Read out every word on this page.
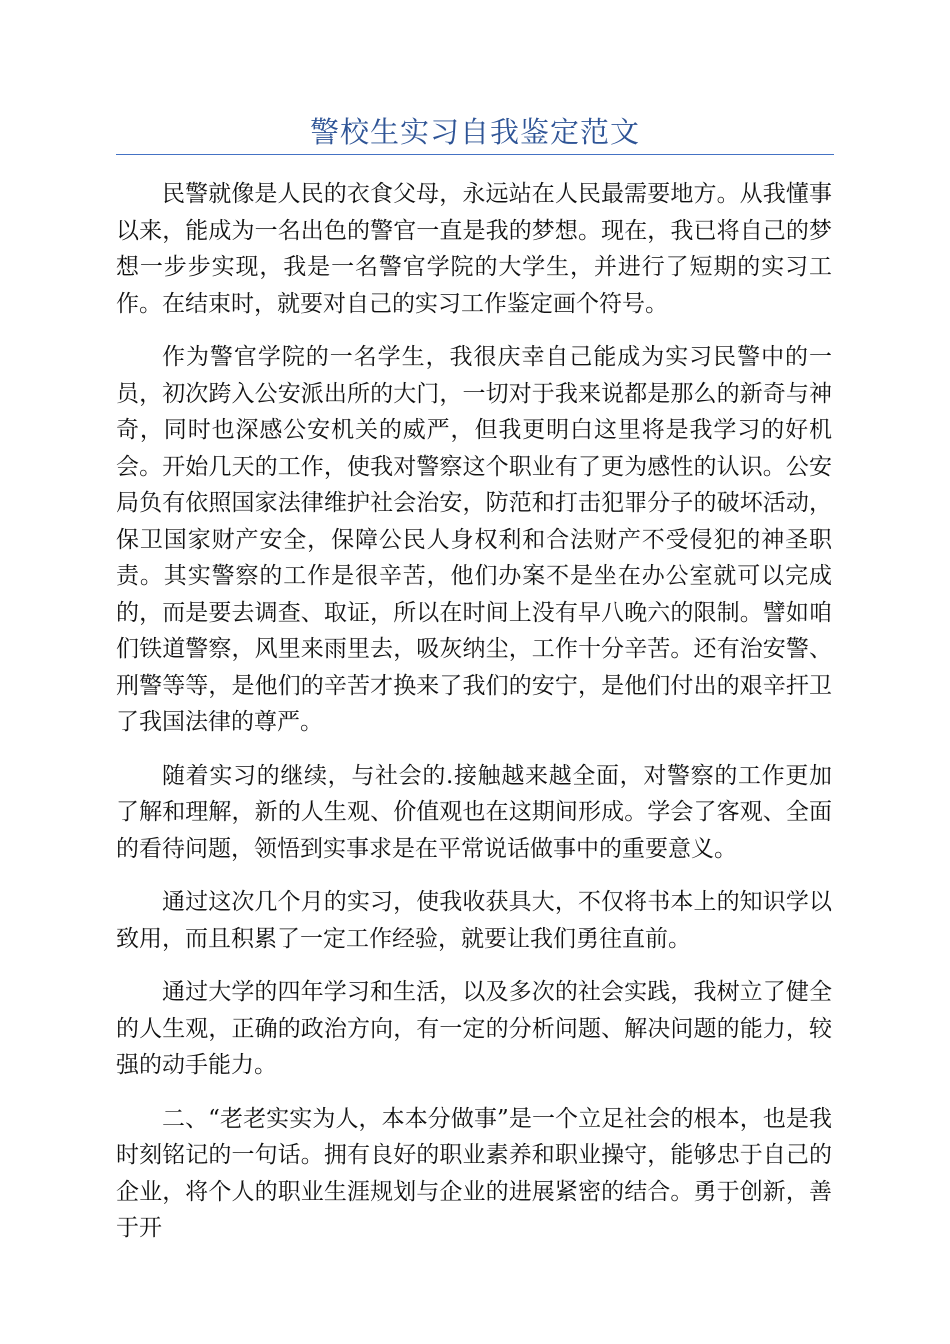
警校生实习自我鉴定范文

民警就像是人民的衣食父母，永远站在人民最需要地方。从我懂事以来，能成为一名出色的警官一直是我的梦想。现在，我已将自己的梦想一步步实现，我是一名警官学院的大学生，并进行了短期的实习工作。在结束时，就要对自己的实习工作鉴定画个符号。

作为警官学院的一名学生，我很庆幸自己能成为实习民警中的一员，初次跨入公安派出所的大门，一切对于我来说都是那么的新奇与神奇，同时也深感公安机关的威严，但我更明白这里将是我学习的好机会。开始几天的工作，使我对警察这个职业有了更为感性的认识。公安局负有依照国家法律维护社会治安，防范和打击犯罪分子的破坏活动，保卫国家财产安全，保障公民人身权利和合法财产不受侵犯的神圣职责。其实警察的工作是很辛苦，他们办案不是坐在办公室就可以完成的，而是要去调查、取证，所以在时间上没有早八晚六的限制。譬如咱们铁道警察，风里来雨里去，吸灰纳尘，工作十分辛苦。还有治安警、刑警等等，是他们的辛苦才换来了我们的安宁，是他们付出的艰辛扞卫了我国法律的尊严。

随着实习的继续，与社会的.接触越来越全面，对警察的工作更加了解和理解，新的人生观、价值观也在这期间形成。学会了客观、全面的看待问题，领悟到实事求是在平常说话做事中的重要意义。

通过这次几个月的实习，使我收获具大，不仅将书本上的知识学以致用，而且积累了一定工作经验，就要让我们勇往直前。

通过大学的四年学习和生活，以及多次的社会实践，我树立了健全的人生观，正确的政治方向，有一定的分析问题、解决问题的能力，较强的动手能力。

二、“老老实实为人，本本分做事”是一个立足社会的根本，也是我时刻铭记的一句话。拥有良好的职业素养和职业操守，能够忠于自己的企业，将个人的职业生涯规划与企业的进展紧密的结合。勇于创新，善于开
